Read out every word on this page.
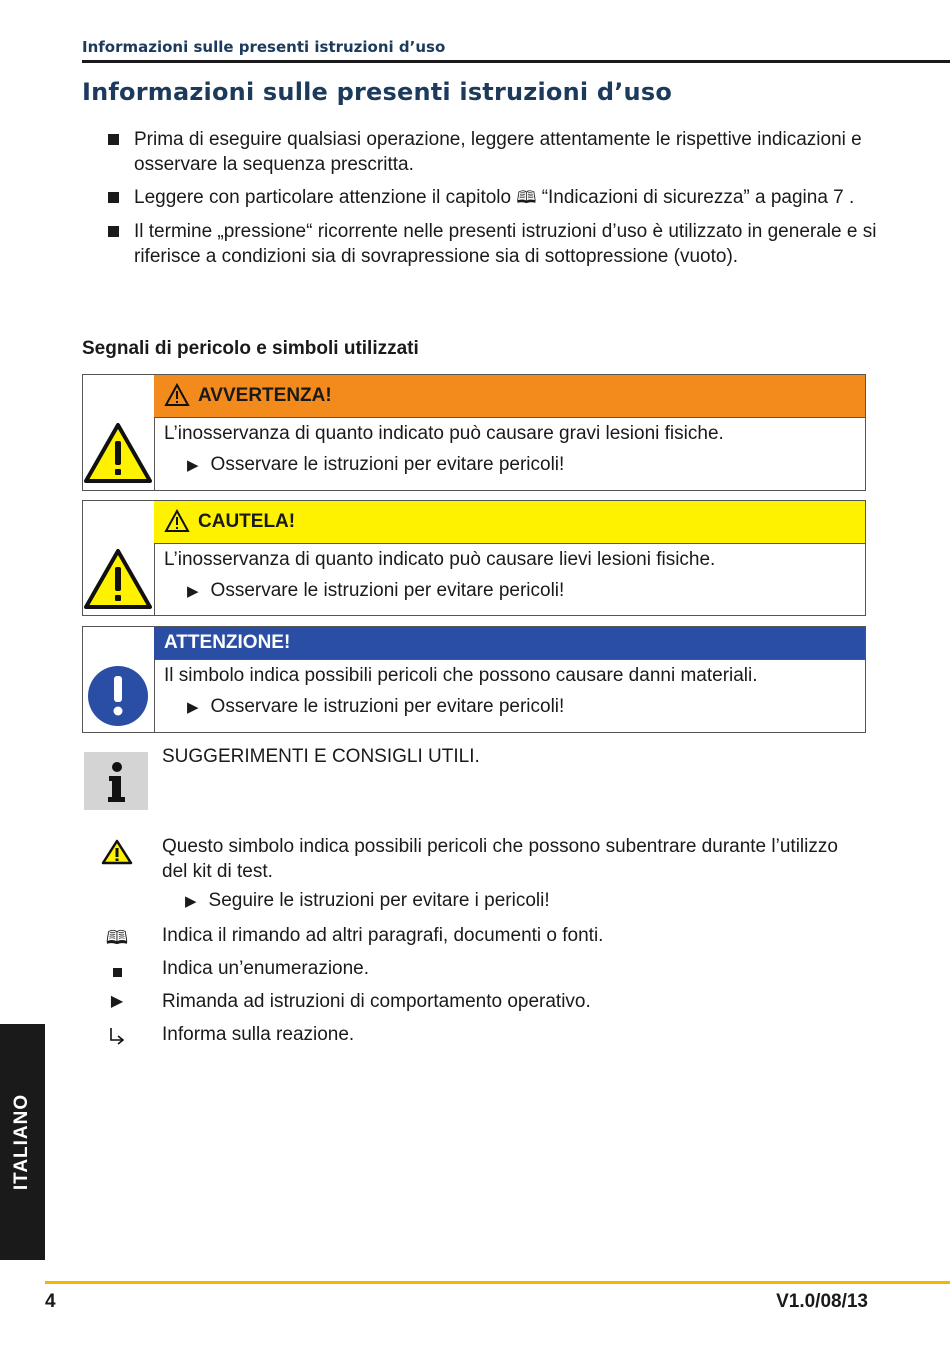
Informazioni sulle presenti istruzioni d’uso
Informazioni sulle presenti istruzioni d’uso
Prima di eseguire qualsiasi operazione, leggere attentamente le rispettive indicazioni e osservare la sequenza prescritta.
Leggere con particolare attenzione il capitolo 🕮 “Indicazioni di sicurezza” a pagina 7 .
Il termine „pressione“ ricorrente nelle presenti istruzioni d’uso è utilizzato in generale e si riferisce a condizioni sia di sovrapressione sia di sottopressione (vuoto).
Segnali di pericolo e simboli utilizzati
AVVERTENZA!
L’inosservanza di quanto indicato può causare gravi lesioni fisiche.
▶ Osservare le istruzioni per evitare pericoli!
CAUTELA!
L’inosservanza di quanto indicato può causare lievi lesioni fisiche.
▶ Osservare le istruzioni per evitare pericoli!
ATTENZIONE!
Il simbolo indica possibili pericoli che possono causare danni materiali.
▶ Osservare le istruzioni per evitare pericoli!
SUGGERIMENTI E CONSIGLI UTILI.
Questo simbolo indica possibili pericoli che possono subentrare durante l’utilizzo del kit di test.
▶ Seguire le istruzioni per evitare i pericoli!
🕮	Indica il rimando ad altri paragrafi, documenti o fonti.
Indica un’enumerazione.
▶	Rimanda ad istruzioni di comportamento operativo.
Informa sulla reazione.
ITALIANO
4	V1.0/08/13
